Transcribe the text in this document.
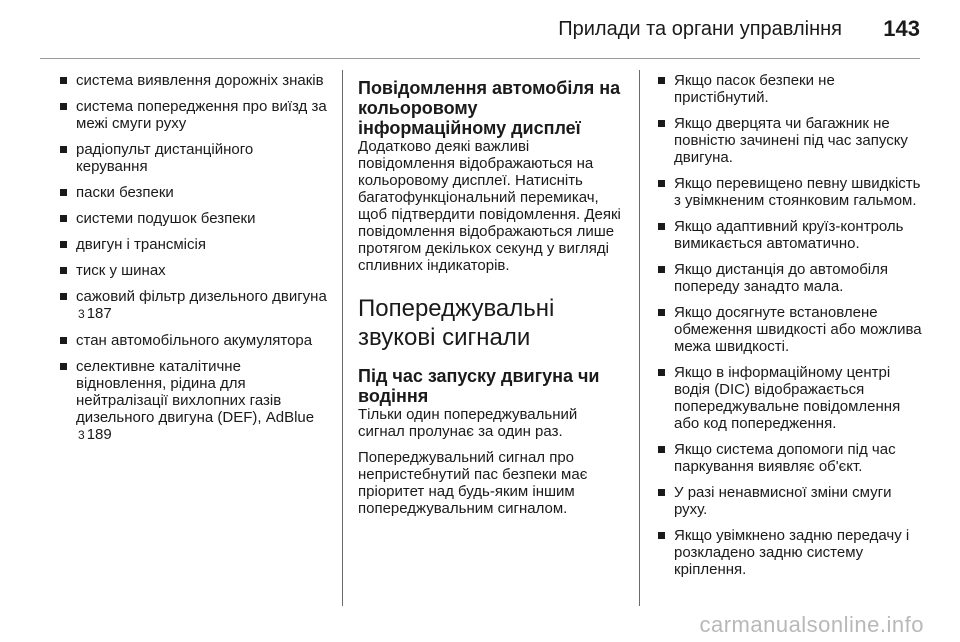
Прилади та органи управління 143
система виявлення дорожніх знаків
система попередження про виїзд за межі смуги руху
радіопульт дистанційного керування
паски безпеки
системи подушок безпеки
двигун і трансмісія
тиск у шинах
сажовий фільтр дизельного двигуна 3 187
стан автомобільного акумулятора
селективне каталітичне відновлення, рідина для нейтралізації вихлопних газів дизельного двигуна (DEF), AdBlue 3 189
Повідомлення автомобіля на кольоровому інформаційному дисплеї

Додатково деякі важливі повідомлення відображаються на кольоровому дисплеї. Натисніть багатофункціональний перемикач, щоб підтвердити повідомлення. Деякі повідомлення відображаються лише протягом декількох секунд у вигляді спливних індикаторів.

Попереджувальні звукові сигнали
Під час запуску двигуна чи водіння

Тільки один попереджувальний сигнал пролунає за один раз.

Попереджувальний сигнал про непристебнутий пас безпеки має пріоритет над будь-яким іншим попереджувальним сигналом.

Якщо пасок безпеки не пристібнутий.
Якщо дверцята чи багажник не повністю зачинені під час запуску двигуна.
Якщо перевищено певну швидкість з увімкненим стоянковим гальмом.
Якщо адаптивний круїз-контроль вимикається автоматично.
Якщо дистанція до автомобіля попереду занадто мала.
Якщо досягнуте встановлене обмеження швидкості або можлива межа швидкості.
Якщо в інформаційному центрі водія (DIC) відображається попереджувальне повідомлення або код попередження.
Якщо система допомоги під час паркування виявляє об'єкт.
У разі ненавмисної зміни смуги руху.
Якщо увімкнено задню передачу і розкладено задню систему кріплення.
carmanualsonline.info
